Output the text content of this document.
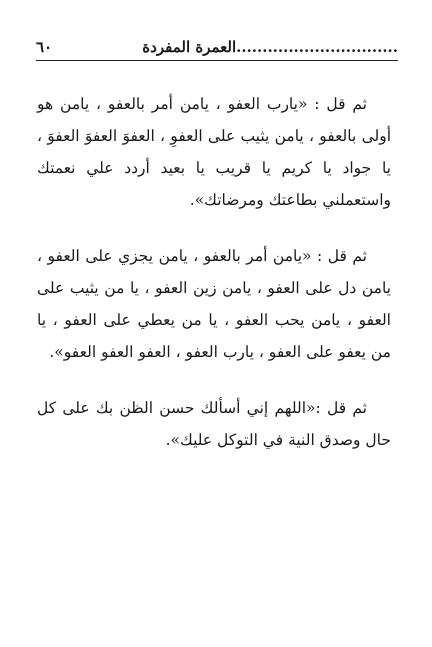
...............................العمرة المفردة
٦٠

ثم قل : «يارب العفو ، يامن أمر بالعفو ، يامن هو أولى بالعفو ، يامن يثيب على العفوِ ، العفوَ العفوَ العفوَ ، يا جواد يا كريم يا قريب يا بعيد أردد علي نعمتك واستعملني بطاعتك ومرضاتك».

ثم قل : «يامن أمر بالعفو ، يامن يجزي على العفو ، يامن دل على العفو ، يامن زين العفو ، يا من يثيب على العفو ، يامن يحب العفو ، يا من يعطي على العفو ، يا من يعفو على العفو ، يارب العفو ، العفو العفو العفو».

ثم قل :«اللهم إني أسألك حسن الظن بك على كل حال وصدق النية في التوكل عليك».
